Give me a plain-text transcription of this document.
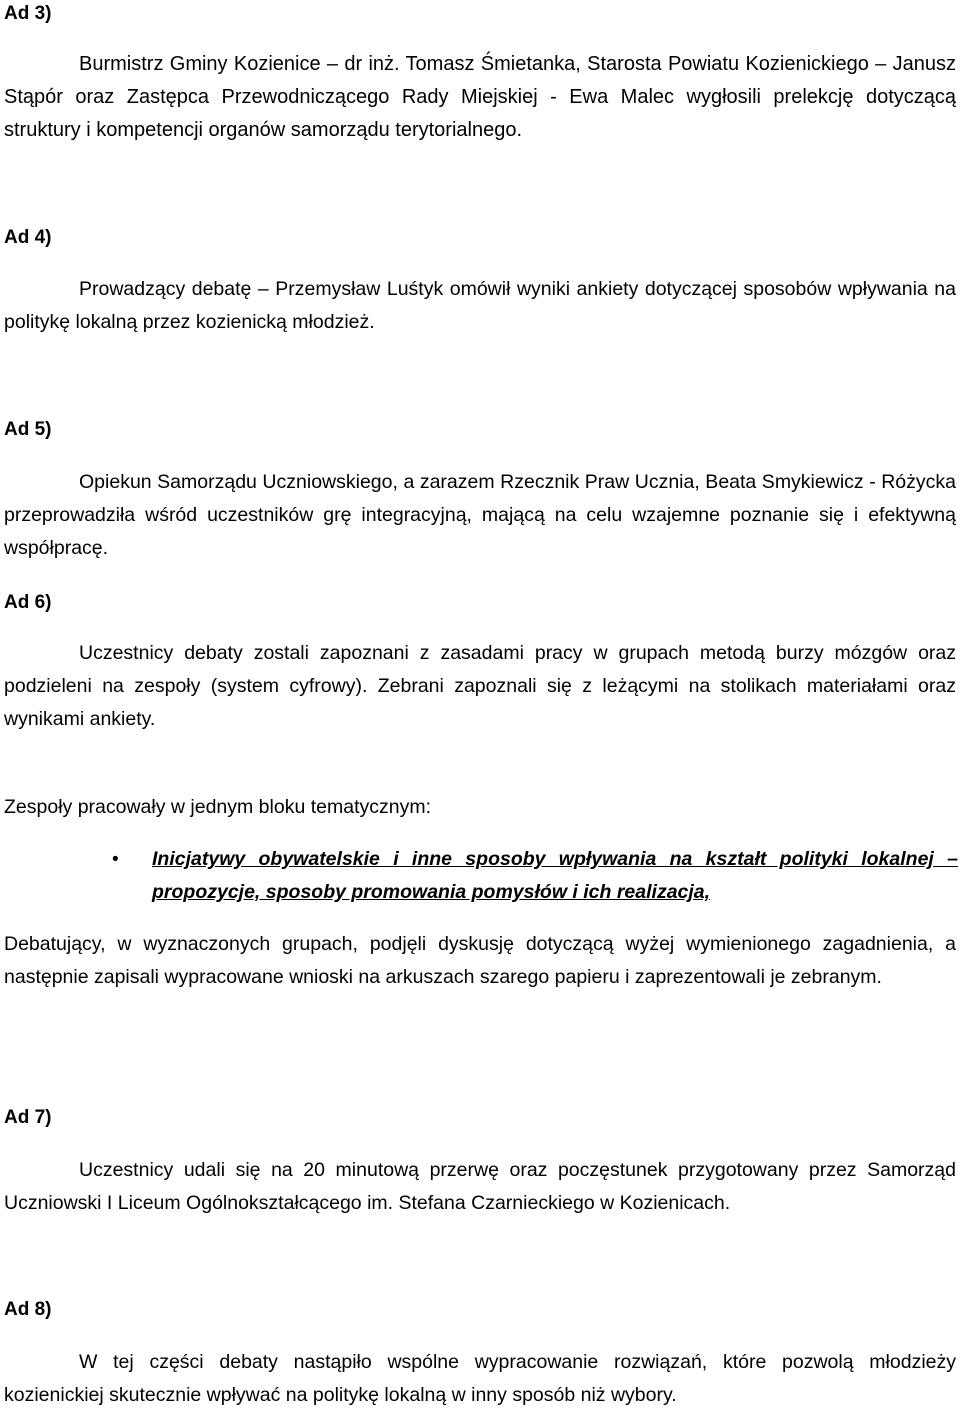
Ad 3)

Burmistrz Gminy Kozienice – dr inż. Tomasz Śmietanka, Starosta Powiatu Kozienickiego – Janusz Stąpór oraz Zastępca Przewodniczącego Rady Miejskiej - Ewa Malec wygłosili prelekcję dotyczącą struktury i kompetencji organów samorządu terytorialnego.

Ad 4)

Prowadzący debatę – Przemysław Luśtyk omówił wyniki ankiety dotyczącej sposobów wpływania na politykę lokalną przez kozienicką młodzież.

Ad 5)

Opiekun Samorządu Uczniowskiego, a zarazem Rzecznik Praw Ucznia, Beata Smykiewicz - Różycka przeprowadziła wśród uczestników grę integracyjną, mającą na celu wzajemne poznanie się i efektywną współpracę.

Ad 6)

Uczestnicy debaty zostali zapoznani z zasadami pracy w grupach metodą burzy mózgów oraz podzieleni na zespoły (system cyfrowy). Zebrani zapoznali się z leżącymi na stolikach materiałami oraz wynikami ankiety.

Zespoły pracowały w jednym bloku tematycznym:

•	Inicjatywy obywatelskie i inne sposoby wpływania na kształt polityki lokalnej – propozycje, sposoby promowania pomysłów i ich realizacja,

Debatujący, w wyznaczonych grupach, podjęli dyskusję dotyczącą wyżej wymienionego zagadnienia, a następnie zapisali wypracowane wnioski na arkuszach szarego papieru i zaprezentowali je zebranym.

Ad 7)

Uczestnicy udali się na 20 minutową przerwę oraz poczęstunek przygotowany przez Samorząd Uczniowski I Liceum Ogólnokształcącego im. Stefana Czarnieckiego w Kozienicach.

Ad 8)

W tej części debaty nastąpiło wspólne wypracowanie rozwiązań, które pozwolą młodzieży kozienickiej skutecznie wpływać na politykę lokalną w inny sposób niż wybory.
